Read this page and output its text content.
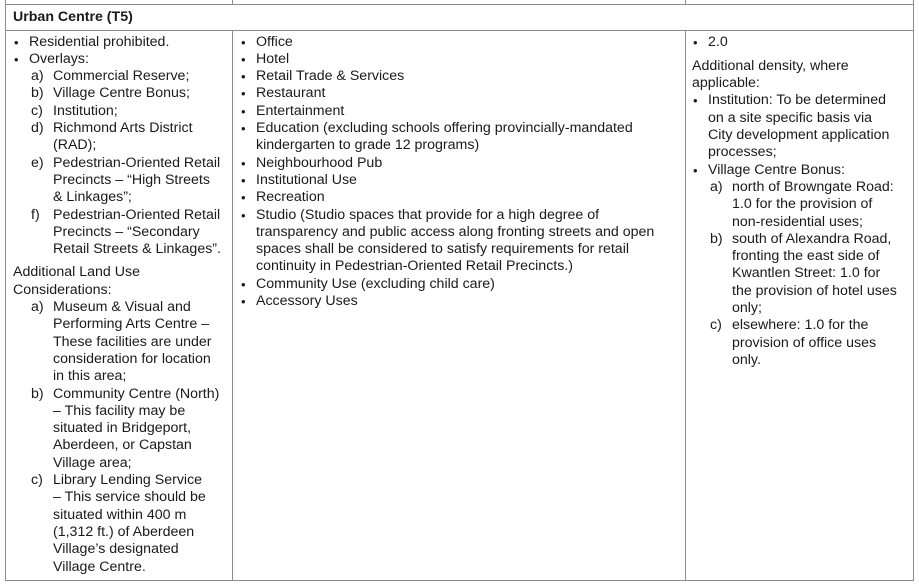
Urban Centre (T5)
• Residential prohibited.
• Overlays:
a) Commercial Reserve;
b) Village Centre Bonus;
c) Institution;
d) Richmond Arts District
(RAD);
e) Pedestrian-Oriented Retail
Precincts – “High Streets
& Linkages”;
f) Pedestrian-Oriented Retail
Precincts – “Secondary
Retail Streets & Linkages”.
Additional Land Use
Considerations:
a) Museum & Visual and
Performing Arts Centre –
These facilities are under
consideration for location
in this area;
b) Community Centre (North)
– This facility may be
situated in Bridgeport,
Aberdeen, or Capstan
Village area;
c) Library Lending Service
– This service should be
situated within 400 m
(1,312 ft.) of Aberdeen
Village’s designated
Village Centre.
• Office
• Hotel
• Retail Trade & Services
• Restaurant
• Entertainment
• Education (excluding schools offering provincially-mandated
kindergarten to grade 12 programs)
• Neighbourhood Pub
• Institutional Use
• Recreation
• Studio (Studio spaces that provide for a high degree of
transparency and public access along fronting streets and open
spaces shall be considered to satisfy requirements for retail
continuity in Pedestrian-Oriented Retail Precincts.)
• Community Use (excluding child care)
• Accessory Uses
• 2.0
Additional density, where
applicable:
• Institution: To be determined
on a site specific basis via
City development application
processes;
• Village Centre Bonus:
a) north of Browngate Road:
1.0 for the provision of
non-residential uses;
b) south of Alexandra Road,
fronting the east side of
Kwantlen Street: 1.0 for
the provision of hotel uses
only;
c) elsewhere: 1.0 for the
provision of office uses
only.
